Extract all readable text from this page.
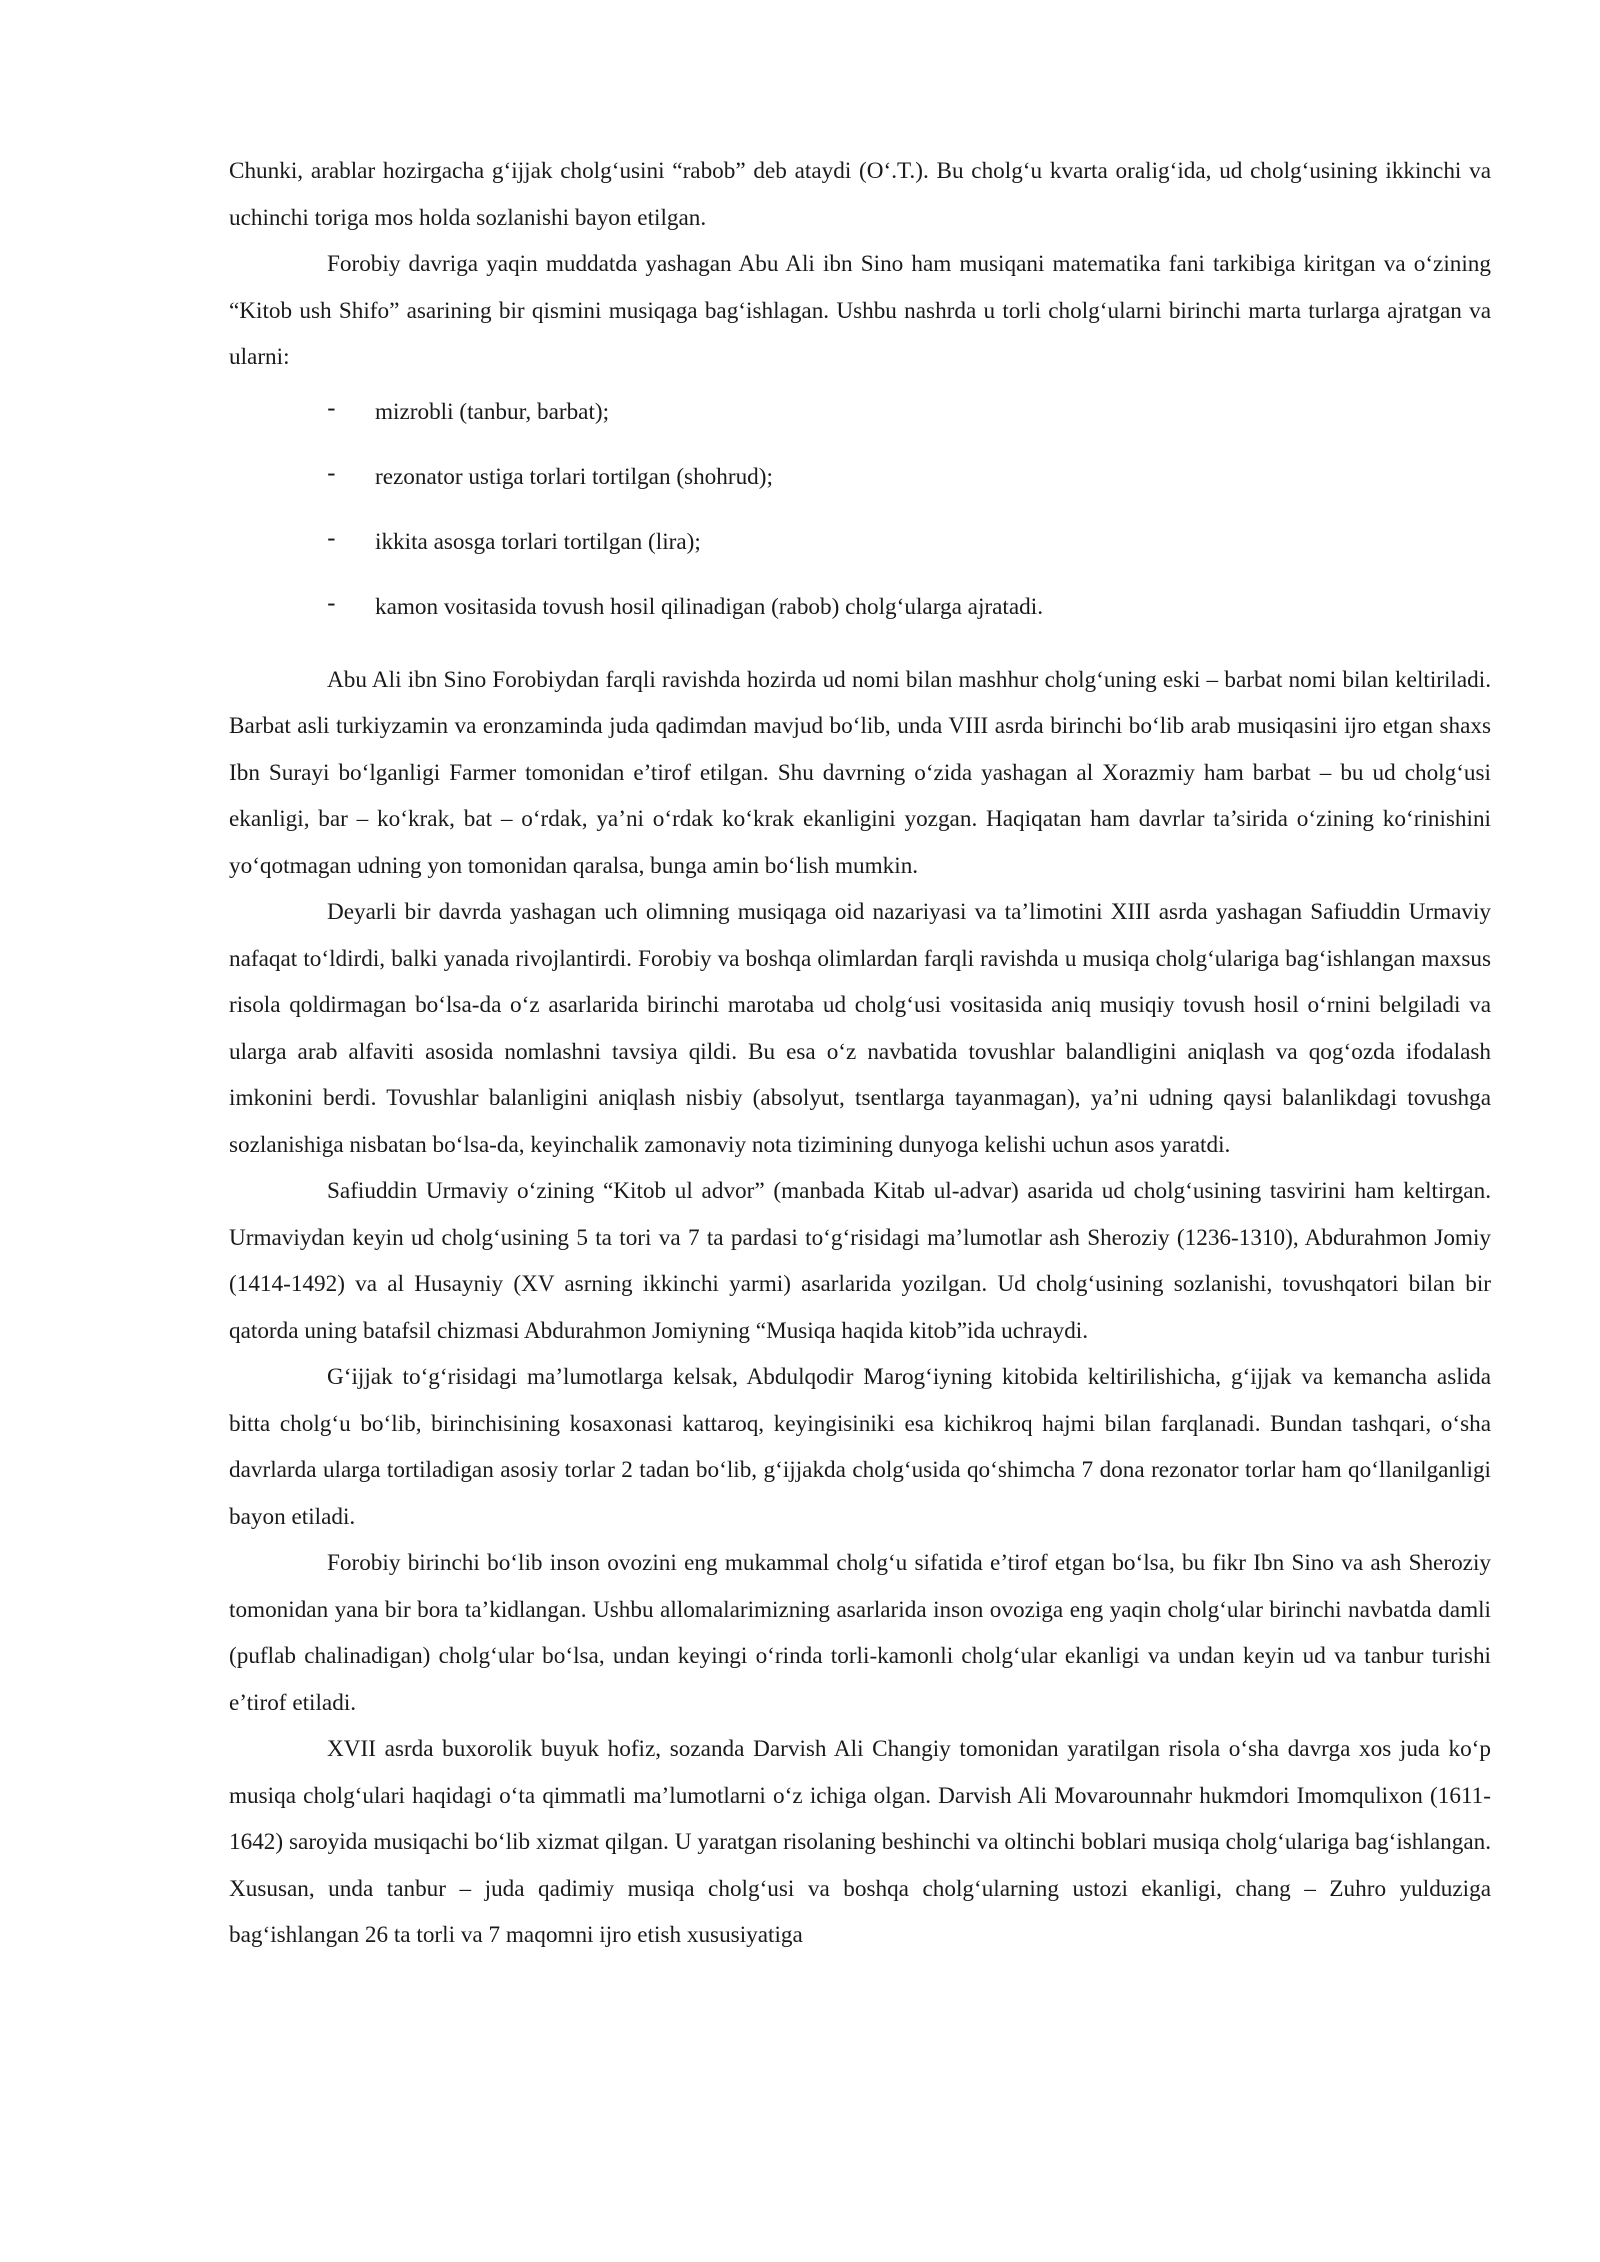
Chunki, arablar hozirgacha g‘ijjak cholg‘usini “rabob” deb ataydi (O‘.T.). Bu cholg‘u kvarta oralig‘ida, ud cholg‘usining ikkinchi va uchinchi toriga mos holda sozlanishi bayon etilgan.

Forobiy davriga yaqin muddatda yashagan Abu Ali ibn Sino ham musiqani matematika fani tarkibiga kiritgan va o‘zining “Kitob ush Shifo” asarining bir qismini musiqaga bag‘ishlagan. Ushbu nashrda u torli cholg‘ularni birinchi marta turlarga ajratgan va ularni:

- mizrobli (tanbur, barbat);
- rezonator ustiga torlari tortilgan (shohrud);
- ikkita asosga torlari tortilgan (lira);
- kamon vositasida tovush hosil qilinadigan (rabob) cholg‘ularga ajratadi.

Abu Ali ibn Sino Forobiydan farqli ravishda hozirda ud nomi bilan mashhur cholg‘uning eski – barbat nomi bilan keltiriladi. Barbat asli turkiyzamin va eronzaminda juda qadimdan mavjud bo‘lib, unda VIII asrda birinchi bo‘lib arab musiqasini ijro etgan shaxs Ibn Surayi bo‘lganligi Farmer tomonidan e’tirof etilgan. Shu davrning o‘zida yashagan al Xorazmiy ham barbat – bu ud cholg‘usi ekanligi, bar – ko‘krak, bat – o‘rdak, ya’ni o‘rdak ko‘krak ekanligini yozgan. Haqiqatan ham davrlar ta’sirida o‘zining ko‘rinishini yo‘qotmagan udning yon tomonidan qaralsa, bunga amin bo‘lish mumkin.

Deyarli bir davrda yashagan uch olimning musiqaga oid nazariyasi va ta’limotini XIII asrda yashagan Safiuddin Urmaviy nafaqat to‘ldirdi, balki yanada rivojlantirdi. Forobiy va boshqa olimlardan farqli ravishda u musiqa cholg‘ulariga bag‘ishlangan maxsus risola qoldirmagan bo‘lsa-da o‘z asarlarida birinchi marotaba ud cholg‘usi vositasida aniq musiqiy tovush hosil o‘rnini belgiladi va ularga arab alfaviti asosida nomlashni tavsiya qildi. Bu esa o‘z navbatida tovushlar balandligini aniqlash va qog‘ozda ifodalash imkonini berdi. Tovushlar balanligini aniqlash nisbiy (absolyut, tsentlarga tayanmagan), ya’ni udning qaysi balanlikdagi tovushga sozlanishiga nisbatan bo‘lsa-da, keyinchalik zamonaviy nota tizimining dunyoga kelishi uchun asos yaratdi.

Safiuddin Urmaviy o‘zining “Kitob ul advor” (manbada Kitab ul-advar) asarida ud cholg‘usining tasvirini ham keltirgan. Urmaviydan keyin ud cholg‘usining 5 ta tori va 7 ta pardasi to‘g‘risidagi ma’lumotlar ash Sheroziy (1236-1310), Abdurahmon Jomiy (1414-1492) va al Husayniy (XV asrning ikkinchi yarmi) asarlarida yozilgan. Ud cholg‘usining sozlanishi, tovushqatori bilan bir qatorda uning batafsil chizmasi Abdurahmon Jomiyning “Musiqa haqida kitob”ida uchraydi.

G‘ijjak to‘g‘risidagi ma’lumotlarga kelsak, Abdulqodir Marog‘iyning kitobida keltirilishicha, g‘ijjak va kemancha aslida bitta cholg‘u bo‘lib, birinchisining kosaxonasi kattaroq, keyingisiniki esa kichikroq hajmi bilan farqlanadi. Bundan tashqari, o‘sha davrlarda ularga tortiladigan asosiy torlar 2 tadan bo‘lib, g‘ijjakda cholg‘usida qo‘shimcha 7 dona rezonator torlar ham qo‘llanilganligi bayon etiladi.

Forobiy birinchi bo‘lib inson ovozini eng mukammal cholg‘u sifatida e’tirof etgan bo‘lsa, bu fikr Ibn Sino va ash Sheroziy tomonidan yana bir bora ta’kidlangan. Ushbu allomalarimizning asarlarida inson ovoziga eng yaqin cholg‘ular birinchi navbatda damli (puflab chalinadigan) cholg‘ular bo‘lsa, undan keyingi o‘rinda torli-kamonli cholg‘ular ekanligi va undan keyin ud va tanbur turishi e’tirof etiladi.

XVII asrda buxorolik buyuk hofiz, sozanda Darvish Ali Changiy tomonidan yaratilgan risola o‘sha davrga xos juda ko‘p musiqa cholg‘ulari haqidagi o‘ta qimmatli ma’lumotlarni o‘z ichiga olgan. Darvish Ali Movarounnahr hukmdori Imomqulixon (1611-1642) saroyida musiqachi bo‘lib xizmat qilgan. U yaratgan risolaning beshinchi va oltinchi boblari musiqa cholg‘ulariga bag‘ishlangan. Xususan, unda tanbur – juda qadimiy musiqa cholg‘usi va boshqa cholg‘ularning ustozi ekanligi, chang – Zuhro yulduziga bag‘ishlangan 26 ta torli va 7 maqomni ijro etish xususiyatiga
